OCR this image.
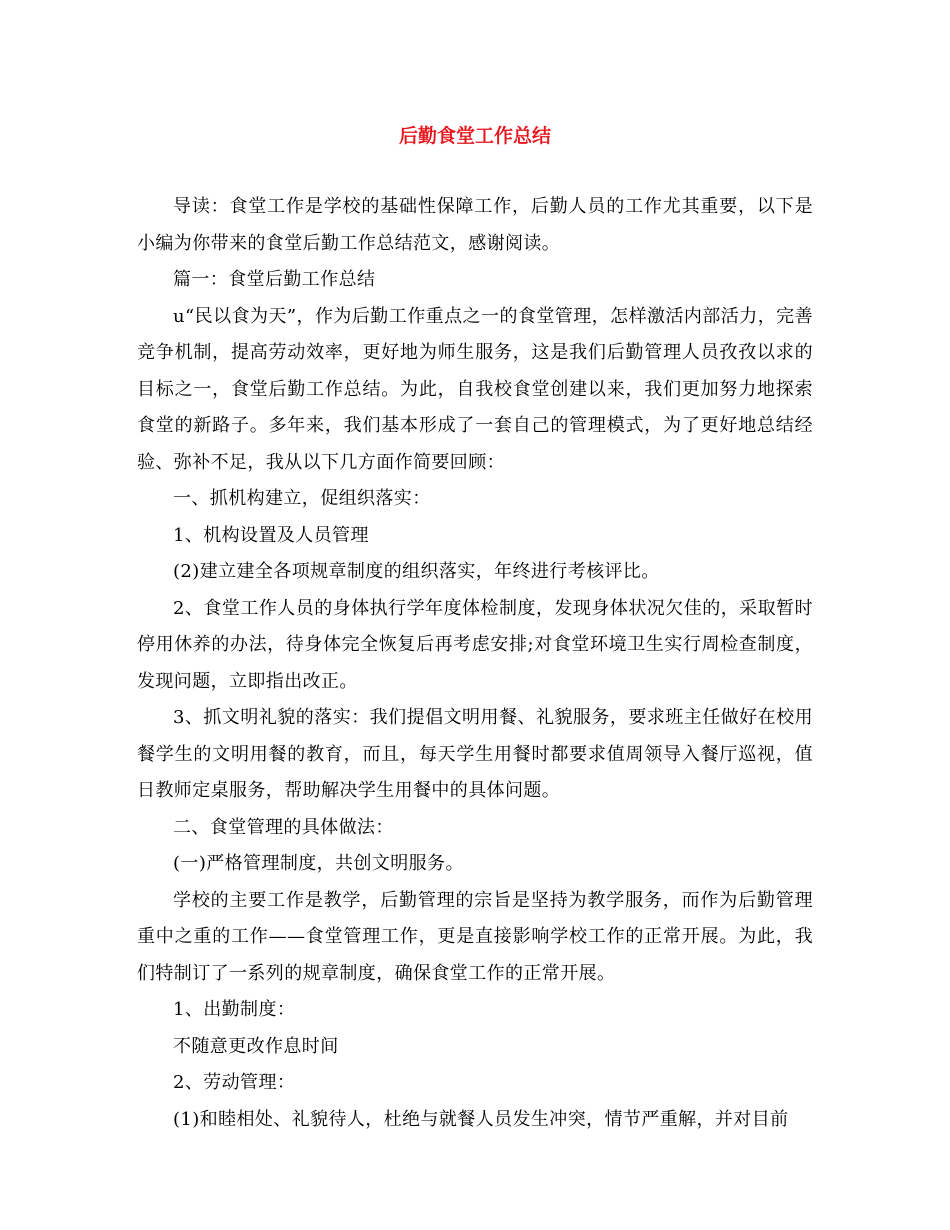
后勤食堂工作总结

导读：食堂工作是学校的基础性保障工作，后勤人员的工作尤其重要，以下是小编为你带来的食堂后勤工作总结范文，感谢阅读。

篇一：食堂后勤工作总结

u“民以食为天”，作为后勤工作重点之一的食堂管理，怎样激活内部活力，完善竞争机制，提高劳动效率，更好地为师生服务，这是我们后勤管理人员孜孜以求的目标之一，食堂后勤工作总结。为此，自我校食堂创建以来，我们更加努力地探索食堂的新路子。多年来，我们基本形成了一套自己的管理模式，为了更好地总结经验、弥补不足，我从以下几方面作简要回顾：

一、抓机构建立，促组织落实：

1、机构设置及人员管理

(2)建立建全各项规章制度的组织落实，年终进行考核评比。

2、食堂工作人员的身体执行学年度体检制度，发现身体状况欠佳的，采取暂时停用休养的办法，待身体完全恢复后再考虑安排;对食堂环境卫生实行周检查制度，发现问题，立即指出改正。

3、抓文明礼貌的落实：我们提倡文明用餐、礼貌服务，要求班主任做好在校用餐学生的文明用餐的教育，而且，每天学生用餐时都要求值周领导入餐厅巡视，值日教师定桌服务，帮助解决学生用餐中的具体问题。

二、食堂管理的具体做法：

(一)严格管理制度，共创文明服务。

学校的主要工作是教学，后勤管理的宗旨是坚持为教学服务，而作为后勤管理重中之重的工作——食堂管理工作，更是直接影响学校工作的正常开展。为此，我们特制订了一系列的规章制度，确保食堂工作的正常开展。

1、出勤制度：

不随意更改作息时间

2、劳动管理：

(1)和睦相处、礼貌待人，杜绝与就餐人员发生冲突，情节严重解，并对目前
